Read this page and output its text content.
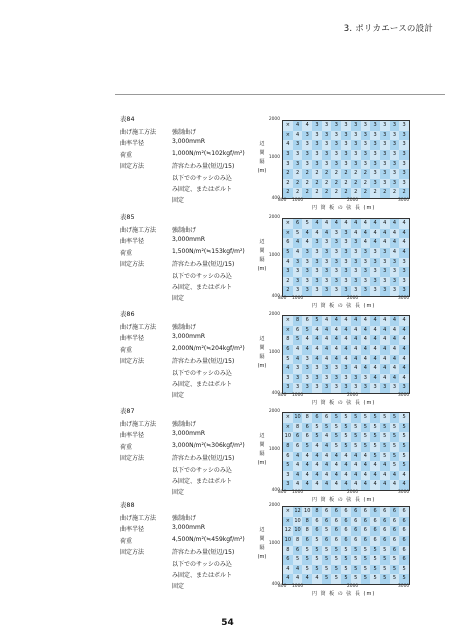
3. ポリカエースの設計
表84
曲げ施工方法	強制曲げ
曲率半径	3,000mmR
荷重	1,000N/m²(≒102kgf/m²)
固定方法	許容たわみ量(短辺/15)
以下でのサッシのみ込
み固定、またはボルト
固定
2000
1000
400
辺
間
隔
(m)
×	4	4	3	3	3	3	3	3	3	3	3	3
×	4	3	3	3	3	3	3	3	3	3	3	3
4	3	3	3	3	3	3	3	3	3	3	3	3
3	3	3	3	3	3	3	3	3	3	3	3	3
3	3	3	3	3	3	3	3	3	3	3	3	3
2	2	2	2	2	2	2	2	2	3	3	3	3
2	2	2	2	2	2	2	2	2	3	3	3	3
2	2	2	2	2	2	2	2	2	2	2	2	2
800 1000	2000	3000
円 筒 板 の 弦 長 (m)
表85
曲げ施工方法	強制曲げ
曲率半径	3,000mmR
荷重	1,500N/m²(≒153kgf/m²)
固定方法	許容たわみ量(短辺/15)
以下でのサッシのみ込
み固定、またはボルト
固定
2000
1000
400
辺
間
隔
(m)
×	6	5	4	4	4	4	4	4	4	4	4	4
×	5	4	4	4	3	3	4	4	4	4	4	4
6	4	4	3	3	3	3	3	4	4	4	4	4
5	4	3	3	3	3	3	3	3	3	3	4	4
4	3	3	3	3	3	3	3	3	3	3	3	3
3	3	3	3	3	3	3	3	3	3	3	3	3
2	3	3	3	3	3	3	3	3	3	3	3	3
2	3	3	3	3	3	3	3	3	3	3	3	3
800 1000	2000	3000
円 筒 板 の 弦 長 (m)
表86
曲げ施工方法	強制曲げ
曲率半径	3,000mmR
荷重	2,000N/m²(≒204kgf/m²)
固定方法	許容たわみ量(短辺/15)
以下でのサッシのみ込
み固定、またはボルト
固定
2000
1000
400
辺
間
隔
(m)
×	8	6	5	4	4	4	4	4	4	4	4	4
×	6	5	4	4	4	4	4	4	4	4	4	4
8	5	4	4	4	4	4	4	4	4	4	4	4
6	4	4	4	4	4	4	4	4	4	4	4	4
5	4	3	4	4	4	4	4	4	4	4	4	4
4	3	3	3	3	3	3	4	4	4	4	4	4
3	3	3	3	3	3	3	3	3	4	4	4	4
3	3	3	3	3	3	3	3	3	3	3	3	3
800 1000	2000	3000
円 筒 板 の 弦 長 (m)
表87
曲げ施工方法	強制曲げ
曲率半径	3,000mmR
荷重	3,000N/m²(≒306kgf/m²)
固定方法	許容たわみ量(短辺/15)
以下でのサッシのみ込
み固定、またはボルト
固定
2000
1000
400
辺
間
隔
(m)
× 10 8	6	6	5	5	5	5	5	5	5	5
×	8	6	5	5	5	5	5	5	5	5	5	5
10 6	6	5	4	5	5	5	5	5	5	5	5
8	6	5	4	4	5	5	5	5	5	5	5	5
6	4	4	4	4	4	4	4	4	5	5	5	5
5	4	4	4	4	4	4	4	4	4	4	5	5
3	4	4	4	4	4	4	4	4	4	4	4	4
3	4	4	4	4	4	4	4	4	4	4	4	4
800 1000	2000	3000
円 筒 板 の 弦 長 (m)
表88
曲げ施工方法	強制曲げ
曲率半径	3,000mmR
荷重	4,500N/m²(≒459kgf/m²)
固定方法	許容たわみ量(短辺/15)
以下でのサッシのみ込
み固定、またはボルト
固定
2000
1000
400
辺
間
隔
(m)
× 12 10 8	6	6	6	6	6	6	6	6	6
× 10 8	6	6	6	6	6	6	6	6	6	6
12 10 8	6	5	6	6	6	6	6	6	6	6
10 8	6	5	6	6	6	6	6	6	6	6	6
8	6	5	5	5	5	5	5	5	5	5	6	6
6	5	5	5	5	5	5	5	5	5	5	5	6
4	4	5	5	5	5	5	5	5	5	5	5	5
4	4	4	4	5	5	5	5	5	5	5	5	5
800 1000	2000	3000
円 筒 板 の 弦 長 (m)
54
